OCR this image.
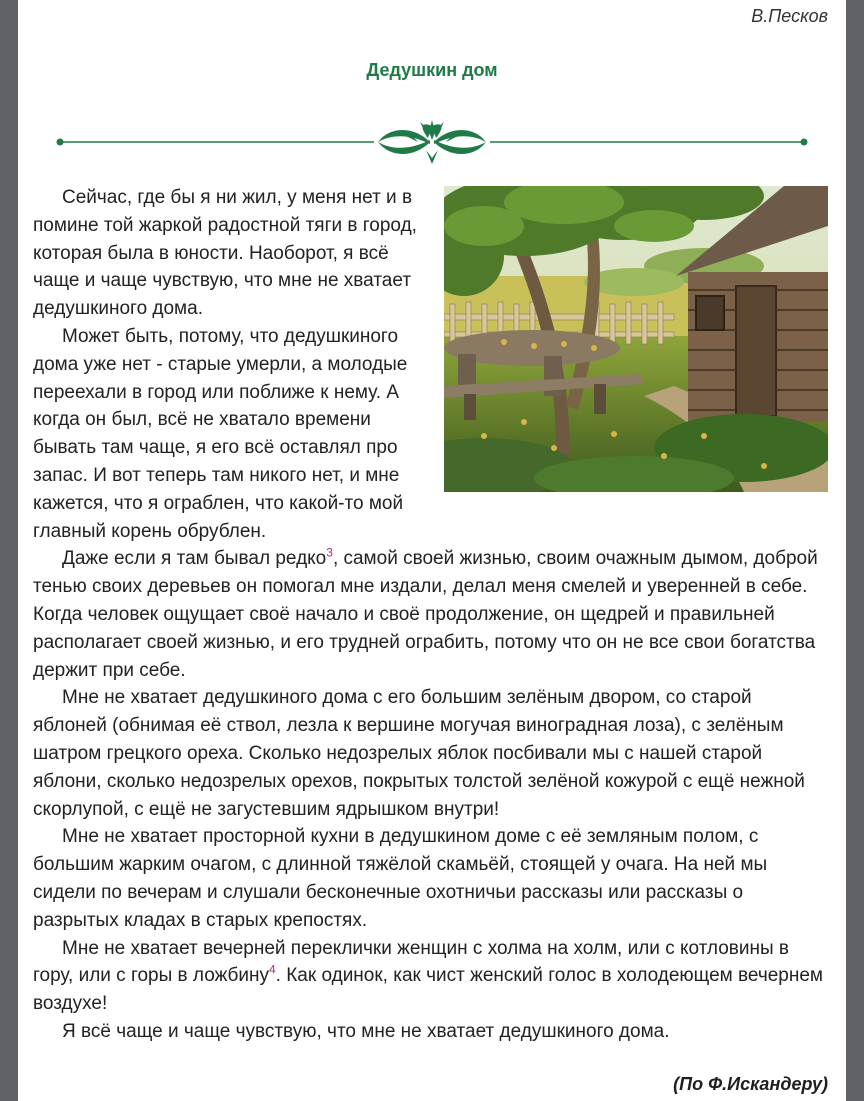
В.Песков
Дедушкин дом

Сейчас, где бы я ни жил, у меня нет и в помине той жаркой радостной тяги в город, которая была в юности. Наоборот, я всё чаще и чаще чувствую, что мне не хватает дедушкиного дома.

Может быть, потому, что дедушкиного дома уже нет - старые умерли, а молодые переехали в город или поближе к нему. А когда он был, всё не хватало времени бывать там чаще, я его всё оставлял про запас. И вот теперь там никого нет, и мне кажется, что я ограблен, что какой-то мой главный корень обрублен.

Даже если я там бывал редко$^3$, самой своей жизнью, своим очажным дымом, доброй тенью своих деревьев он помогал мне издали, делал меня смелей и уверенней в себе. Когда человек ощущает своё начало и своё продолжение, он щедрей и правильней располагает своей жизнью, и его трудней ограбить, потому что он не все свои богатства держит при себе.

Мне не хватает дедушкиного дома с его большим зелёным двором, со старой яблоней (обнимая её ствол, лезла к вершине могучая виноградная лоза), с зелёным шатром грецкого ореха. Сколько недозрелых яблок посбивали мы с нашей старой яблони, сколько недозрелых орехов, покрытых толстой зелёной кожурой с ещё нежной скорлупой, с ещё не загустевшим ядрышком внутри!

Мне не хватает просторной кухни в дедушкином доме с её земляным полом, с большим жарким очагом, с длинной тяжёлой скамьёй, стоящей у очага. На ней мы сидели по вечерам и слушали бесконечные охотничьи рассказы или рассказы о разрытых кладах в старых крепостях.

Мне не хватает вечерней переклички женщин с холма на холм, или с котловины в гору, или с горы в ложбину$^4$. Как одинок, как чист женский голос в холодеющем вечернем воздухе!

Я всё чаще и чаще чувствую, что мне не хватает дедушкиного дома.

(По Ф.Искандеру)
